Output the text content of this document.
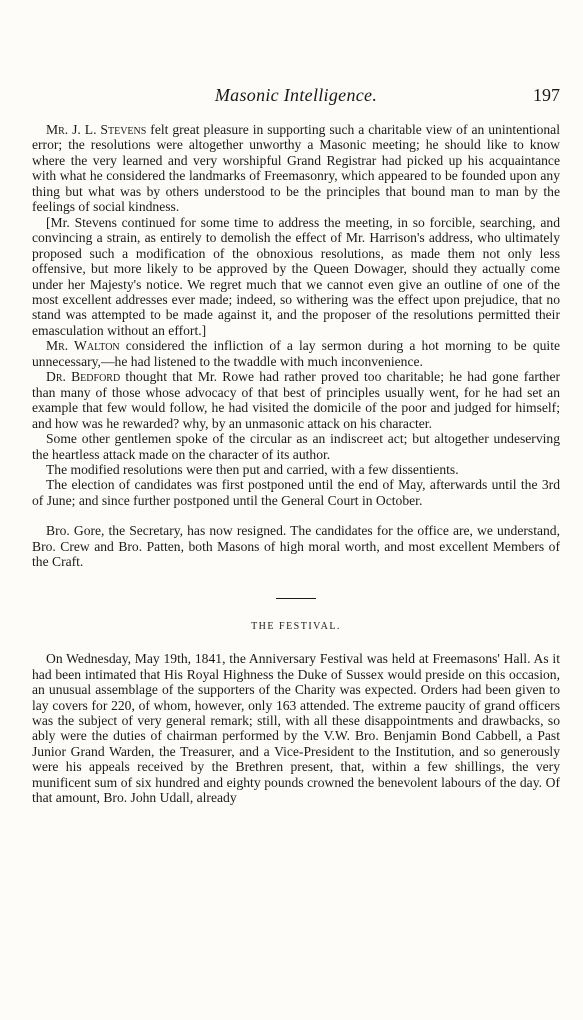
Masonic Intelligence.	197

Mr. J. L. Stevens felt great pleasure in supporting such a charitable view of an unintentional error; the resolutions were altogether unworthy a Masonic meeting; he should like to know where the very learned and very worshipful Grand Registrar had picked up his acquaintance with what he considered the landmarks of Freemasonry, which appeared to be founded upon any thing but what was by others understood to be the principles that bound man to man by the feelings of social kindness.

[Mr. Stevens continued for some time to address the meeting, in so forcible, searching, and convincing a strain, as entirely to demolish the effect of Mr. Harrison's address, who ultimately proposed such a modification of the obnoxious resolutions, as made them not only less offensive, but more likely to be approved by the Queen Dowager, should they actually come under her Majesty's notice. We regret much that we cannot even give an outline of one of the most excellent addresses ever made; indeed, so withering was the effect upon prejudice, that no stand was attempted to be made against it, and the proposer of the resolutions permitted their emasculation without an effort.]

Mr. Walton considered the infliction of a lay sermon during a hot morning to be quite unnecessary,—he had listened to the twaddle with much inconvenience.

Dr. Bedford thought that Mr. Rowe had rather proved too charitable; he had gone farther than many of those whose advocacy of that best of principles usually went, for he had set an example that few would follow, he had visited the domicile of the poor and judged for himself; and how was he rewarded? why, by an unmasonic attack on his character.

Some other gentlemen spoke of the circular as an indiscreet act; but altogether undeserving the heartless attack made on the character of its author.

The modified resolutions were then put and carried, with a few dissentients.

The election of candidates was first postponed until the end of May, afterwards until the 3rd of June; and since further postponed until the General Court in October.

Bro. Gore, the Secretary, has now resigned. The candidates for the office are, we understand, Bro. Crew and Bro. Patten, both Masons of high moral worth, and most excellent Members of the Craft.

THE FESTIVAL.

On Wednesday, May 19th, 1841, the Anniversary Festival was held at Freemasons' Hall. As it had been intimated that His Royal Highness the Duke of Sussex would preside on this occasion, an unusual assemblage of the supporters of the Charity was expected. Orders had been given to lay covers for 220, of whom, however, only 163 attended. The extreme paucity of grand officers was the subject of very general remark; still, with all these disappointments and drawbacks, so ably were the duties of chairman performed by the V.W. Bro. Benjamin Bond Cabbell, a Past Junior Grand Warden, the Treasurer, and a Vice-President to the Institution, and so generously were his appeals received by the Brethren present, that, within a few shillings, the very munificent sum of six hundred and eighty pounds crowned the benevolent labours of the day. Of that amount, Bro. John Udall, already
